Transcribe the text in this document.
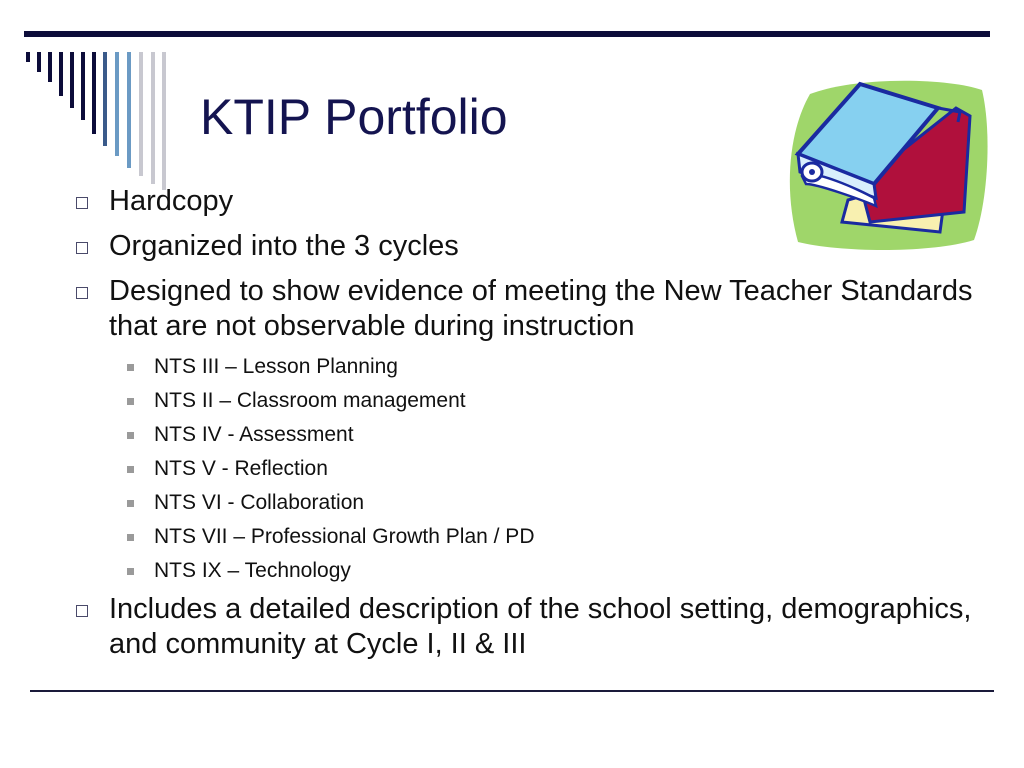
KTIP Portfolio
Hardcopy
Organized into the 3 cycles
Designed to show evidence of meeting the New Teacher Standards that are not observable during instruction
NTS III – Lesson Planning
NTS II – Classroom management
NTS IV - Assessment
NTS V - Reflection
NTS VI - Collaboration
NTS VII – Professional Growth Plan / PD
NTS IX – Technology
Includes a detailed description of the school setting, demographics, and community at Cycle I, II & III
